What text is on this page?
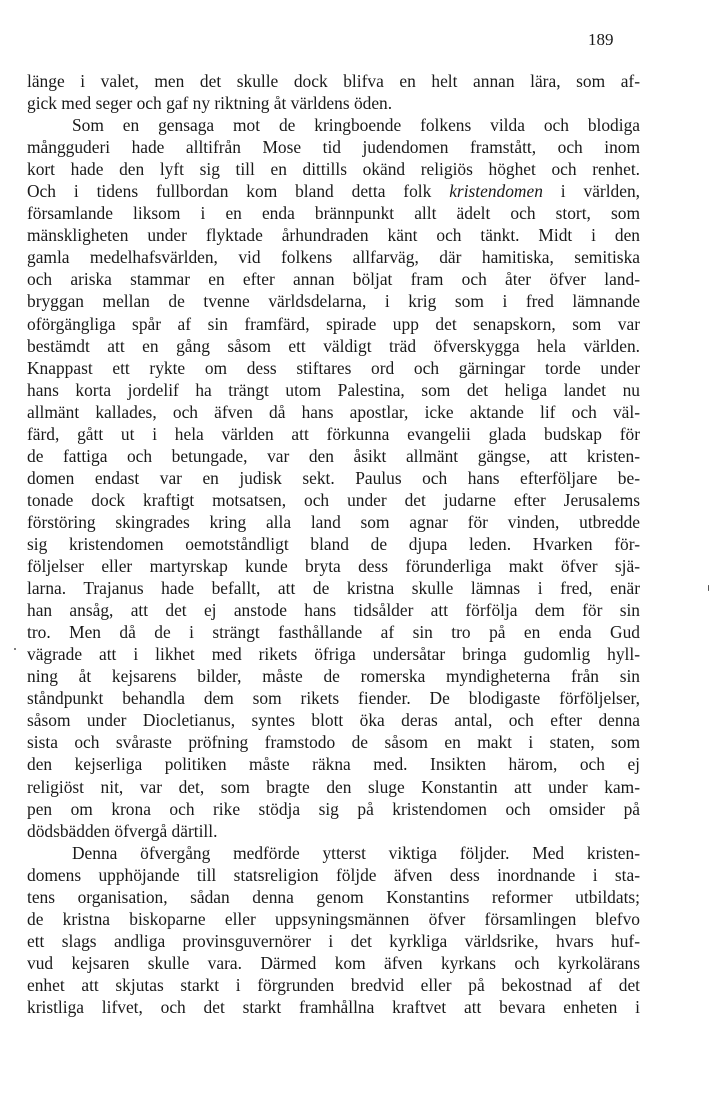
189
länge i valet, men det skulle dock blifva en helt annan lära, som af-
gick med seger och gaf ny riktning åt världens öden.
Som en gensaga mot de kringboende folkens vilda och blodiga
mångguderi hade alltifrån Mose tid judendomen framstått, och inom
kort hade den lyft sig till en dittills okänd religiös höghet och renhet.
Och i tidens fullbordan kom bland detta folk kristendomen i världen,
församlande liksom i en enda brännpunkt allt ädelt och stort, som
mänskligheten under flyktade århundraden känt och tänkt. Midt i den
gamla medelhafsvärlden, vid folkens allfarväg, där hamitiska, semitiska
och ariska stammar en efter annan böljat fram och åter öfver land-
bryggan mellan de tvenne världsdelarna, i krig som i fred lämnande
oförgängliga spår af sin framfärd, spirade upp det senapskorn, som var
bestämdt att en gång såsom ett väldigt träd öfverskygga hela världen.
Knappast ett rykte om dess stiftares ord och gärningar torde under
hans korta jordelif ha trängt utom Palestina, som det heliga landet nu
allmänt kallades, och äfven då hans apostlar, icke aktande lif och väl-
färd, gått ut i hela världen att förkunna evangelii glada budskap för
de fattiga och betungade, var den åsikt allmänt gängse, att kristen-
domen endast var en judisk sekt. Paulus och hans efterföljare be-
tonade dock kraftigt motsatsen, och under det judarne efter Jerusalems
förstöring skingrades kring alla land som agnar för vinden, utbredde
sig kristendomen oemotståndligt bland de djupa leden. Hvarken för-
följelser eller martyrskap kunde bryta dess förunderliga makt öfver sjä-
larna. Trajanus hade befallt, att de kristna skulle lämnas i fred, enär
han ansåg, att det ej anstode hans tidsålder att förfölja dem för sin
tro. Men då de i strängt fasthållande af sin tro på en enda Gud
vägrade att i likhet med rikets öfriga undersåtar bringa gudomlig hyll-
ning åt kejsarens bilder, måste de romerska myndigheterna från sin
ståndpunkt behandla dem som rikets fiender. De blodigaste förföljelser,
såsom under Diocletianus, syntes blott öka deras antal, och efter denna
sista och svåraste pröfning framstodo de såsom en makt i staten, som
den kejserliga politiken måste räkna med. Insikten härom, och ej
religiöst nit, var det, som bragte den sluge Konstantin att under kam-
pen om krona och rike stödja sig på kristendomen och omsider på
dödsbädden öfvergå därtill.
Denna öfvergång medförde ytterst viktiga följder. Med kristen-
domens upphöjande till statsreligion följde äfven dess inordnande i sta-
tens organisation, sådan denna genom Konstantins reformer utbildats;
de kristna biskoparne eller uppsyningsmännen öfver församlingen blefvo
ett slags andliga provinsguvernörer i det kyrkliga världsrike, hvars huf-
vud kejsaren skulle vara. Därmed kom äfven kyrkans och kyrkolärans
enhet att skjutas starkt i förgrunden bredvid eller på bekostnad af det
kristliga lifvet, och det starkt framhållna kraftvet att bevara enheten i
